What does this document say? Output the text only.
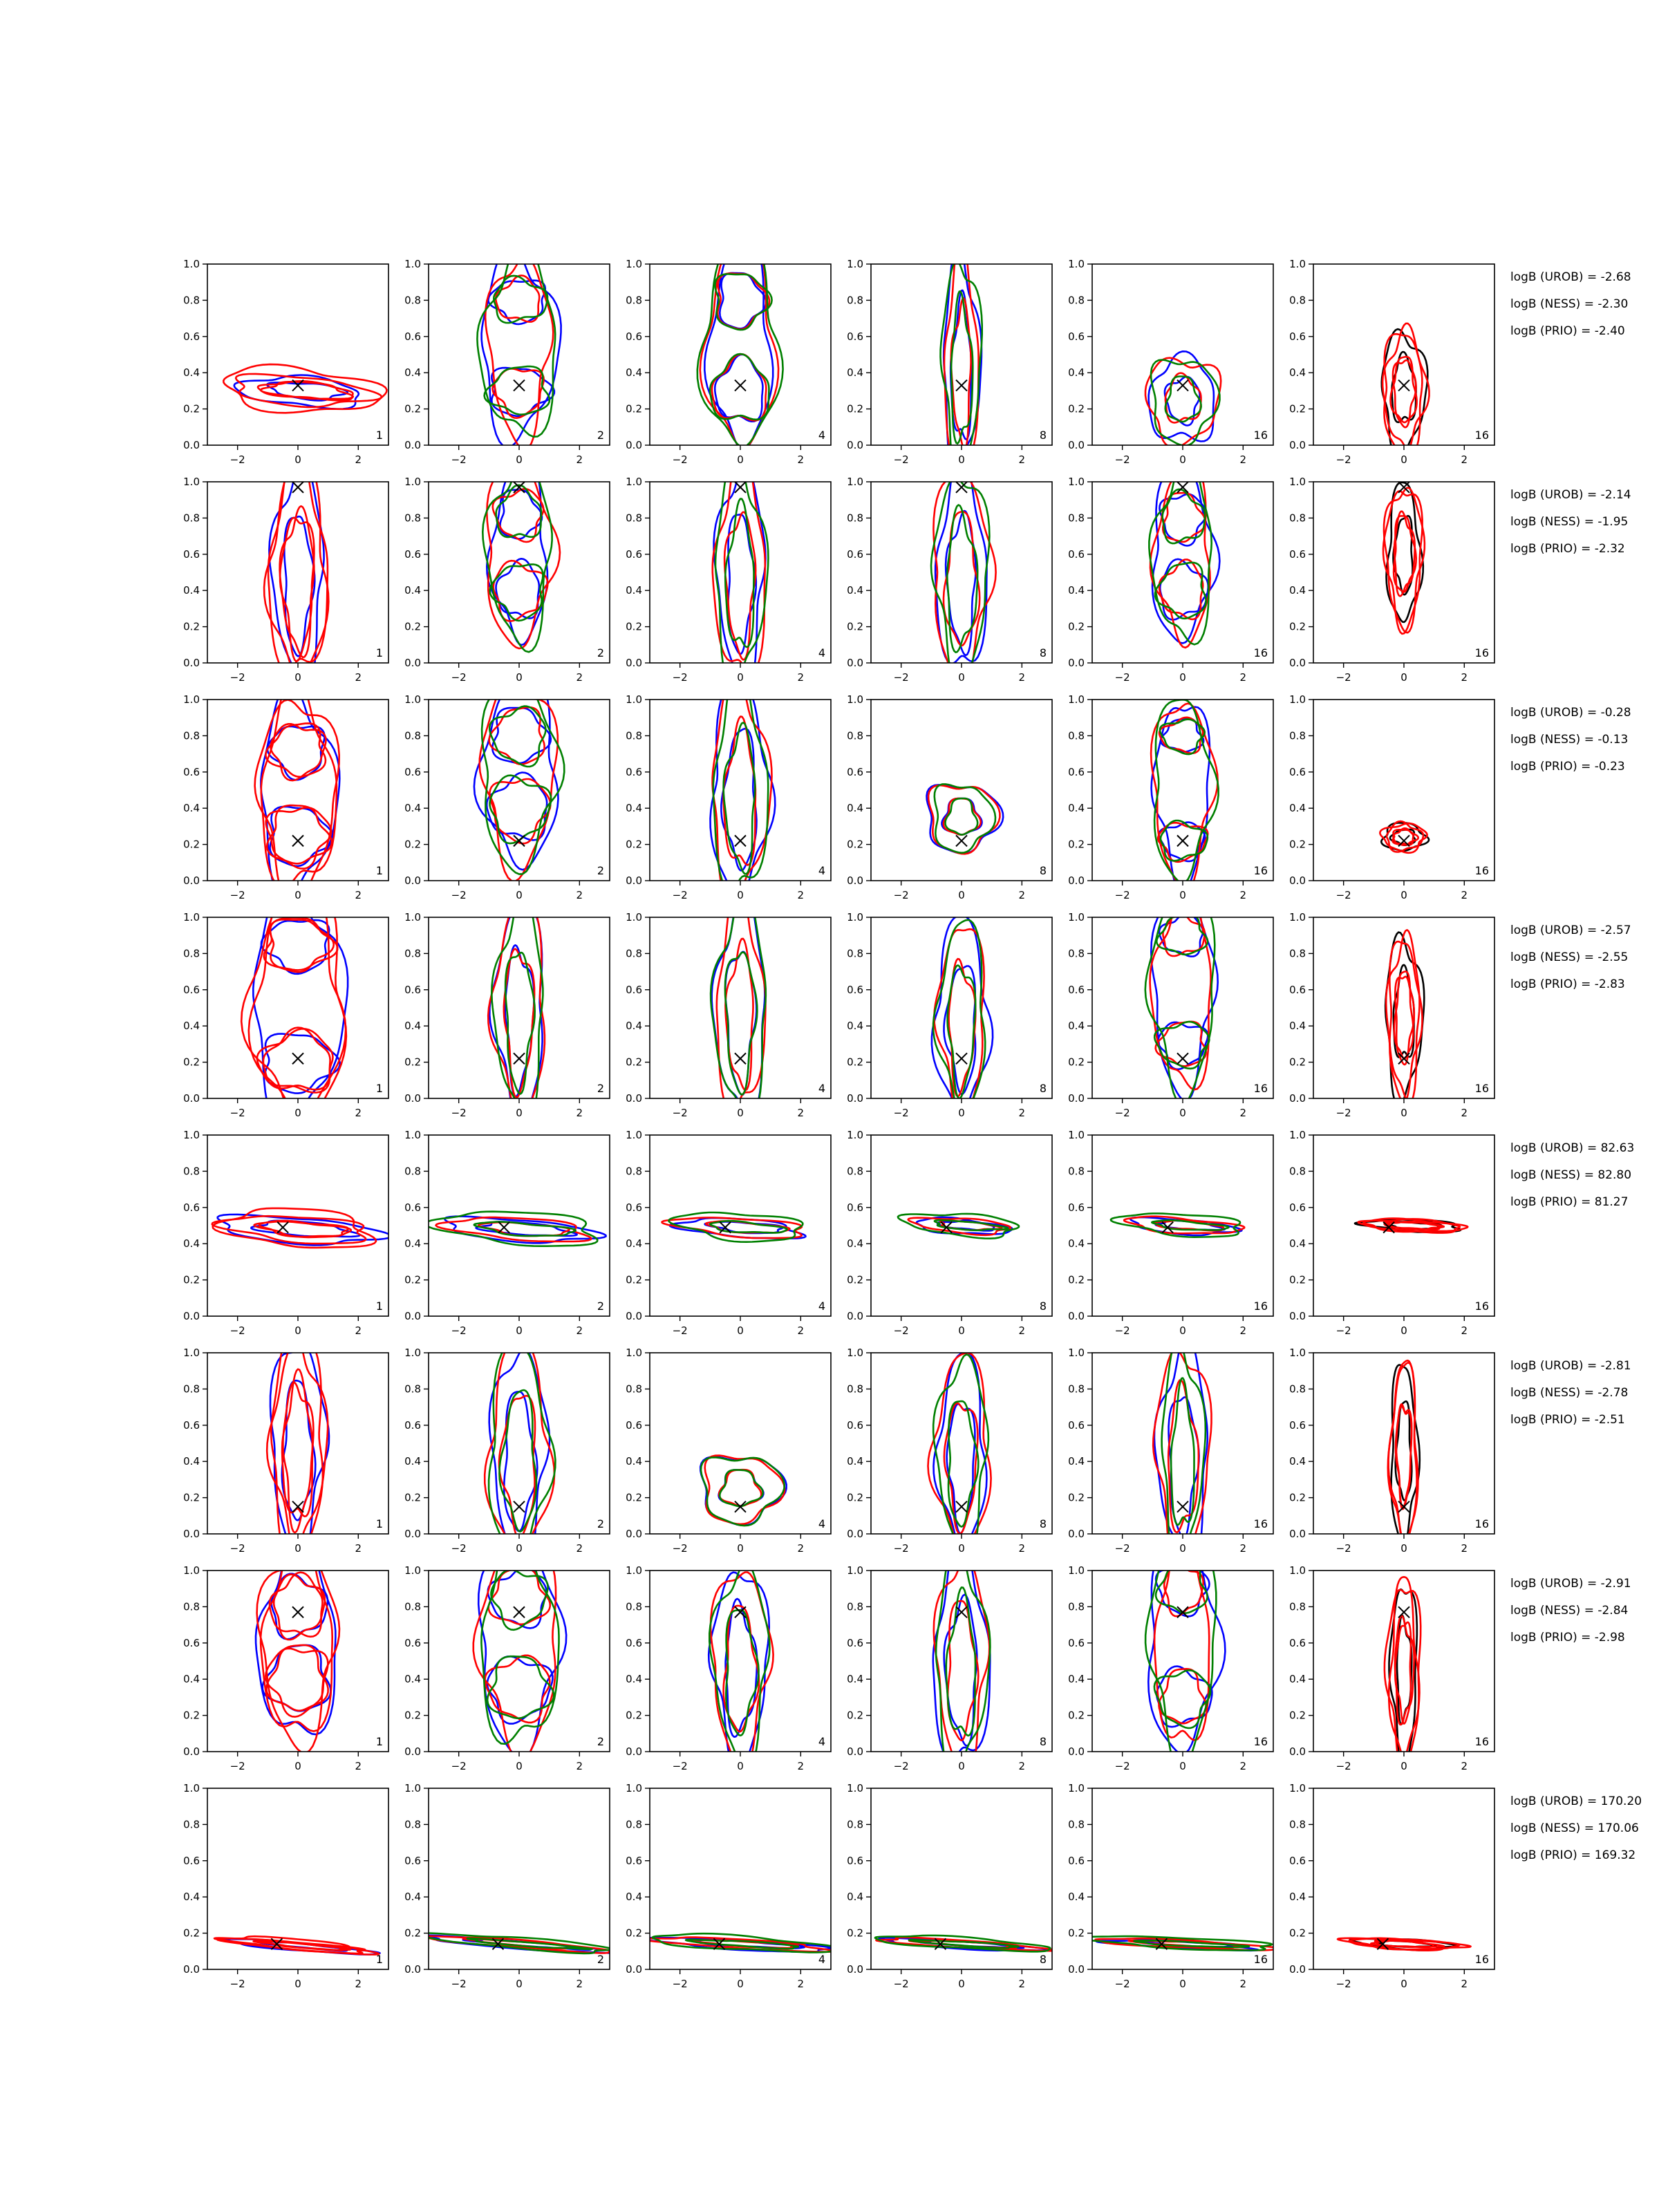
−2	0	2
0.0
0.2
0.4
0.6
0.8
1.0
1
−2	0	2
0.0
0.2
0.4
0.6
0.8
1.0
2
−2	0	2
0.0
0.2
0.4
0.6
0.8
1.0
4
−2	0	2
0.0
0.2
0.4
0.6
0.8
1.0
8
−2	0	2
0.0
0.2
0.4
0.6
0.8
1.0
16
−2	0	2
0.0
0.2
0.4
0.6
0.8
1.0
16
logB (UROB) = -2.68
logB (NESS) = -2.30
logB (PRIO) = -2.40
−2	0	2
0.0
0.2
0.4
0.6
0.8
1.0
1
−2	0	2
0.0
0.2
0.4
0.6
0.8
1.0
2
−2	0	2
0.0
0.2
0.4
0.6
0.8
1.0
4
−2	0	2
0.0
0.2
0.4
0.6
0.8
1.0
8
−2	0	2
0.0
0.2
0.4
0.6
0.8
1.0
16
−2	0	2
0.0
0.2
0.4
0.6
0.8
1.0
16
logB (UROB) = -2.14
logB (NESS) = -1.95
logB (PRIO) = -2.32
−2	0	2
0.0
0.2
0.4
0.6
0.8
1.0
1
−2	0	2
0.0
0.2
0.4
0.6
0.8
1.0
2
−2	0	2
0.0
0.2
0.4
0.6
0.8
1.0
4
−2	0	2
0.0
0.2
0.4
0.6
0.8
1.0
8
−2	0	2
0.0
0.2
0.4
0.6
0.8
1.0
16
−2	0	2
0.0
0.2
0.4
0.6
0.8
1.0
16
logB (UROB) = -0.28
logB (NESS) = -0.13
logB (PRIO) = -0.23
−2	0	2
0.0
0.2
0.4
0.6
0.8
1.0
1
−2	0	2
0.0
0.2
0.4
0.6
0.8
1.0
2
−2	0	2
0.0
0.2
0.4
0.6
0.8
1.0
4
−2	0	2
0.0
0.2
0.4
0.6
0.8
1.0
8
−2	0	2
0.0
0.2
0.4
0.6
0.8
1.0
16
−2	0	2
0.0
0.2
0.4
0.6
0.8
1.0
16
logB (UROB) = -2.57
logB (NESS) = -2.55
logB (PRIO) = -2.83
−2	0	2
0.0
0.2
0.4
0.6
0.8
1.0
1
−2	0	2
0.0
0.2
0.4
0.6
0.8
1.0
2
−2	0	2
0.0
0.2
0.4
0.6
0.8
1.0
4
−2	0	2
0.0
0.2
0.4
0.6
0.8
1.0
8
−2	0	2
0.0
0.2
0.4
0.6
0.8
1.0
16
−2	0	2
0.0
0.2
0.4
0.6
0.8
1.0
16
logB (UROB) = 82.63
logB (NESS) = 82.80
logB (PRIO) = 81.27
−2	0	2
0.0
0.2
0.4
0.6
0.8
1.0
1
−2	0	2
0.0
0.2
0.4
0.6
0.8
1.0
2
−2	0	2
0.0
0.2
0.4
0.6
0.8
1.0
4
−2	0	2
0.0
0.2
0.4
0.6
0.8
1.0
8
−2	0	2
0.0
0.2
0.4
0.6
0.8
1.0
16
−2	0	2
0.0
0.2
0.4
0.6
0.8
1.0
16
logB (UROB) = -2.81
logB (NESS) = -2.78
logB (PRIO) = -2.51
−2	0	2
0.0
0.2
0.4
0.6
0.8
1.0
1
−2	0	2
0.0
0.2
0.4
0.6
0.8
1.0
2
−2	0	2
0.0
0.2
0.4
0.6
0.8
1.0
4
−2	0	2
0.0
0.2
0.4
0.6
0.8
1.0
8
−2	0	2
0.0
0.2
0.4
0.6
0.8
1.0
16
−2	0	2
0.0
0.2
0.4
0.6
0.8
1.0
16
logB (UROB) = -2.91
logB (NESS) = -2.84
logB (PRIO) = -2.98
−2	0	2
0.0
0.2
0.4
0.6
0.8
1.0
1
−2	0	2
0.0
0.2
0.4
0.6
0.8
1.0
2
−2	0	2
0.0
0.2
0.4
0.6
0.8
1.0
4
−2	0	2
0.0
0.2
0.4
0.6
0.8
1.0
8
−2	0	2
0.0
0.2
0.4
0.6
0.8
1.0
16
−2	0	2
0.0
0.2
0.4
0.6
0.8
1.0
16
logB (UROB) = 170.20
logB (NESS) = 170.06
logB (PRIO) = 169.32
